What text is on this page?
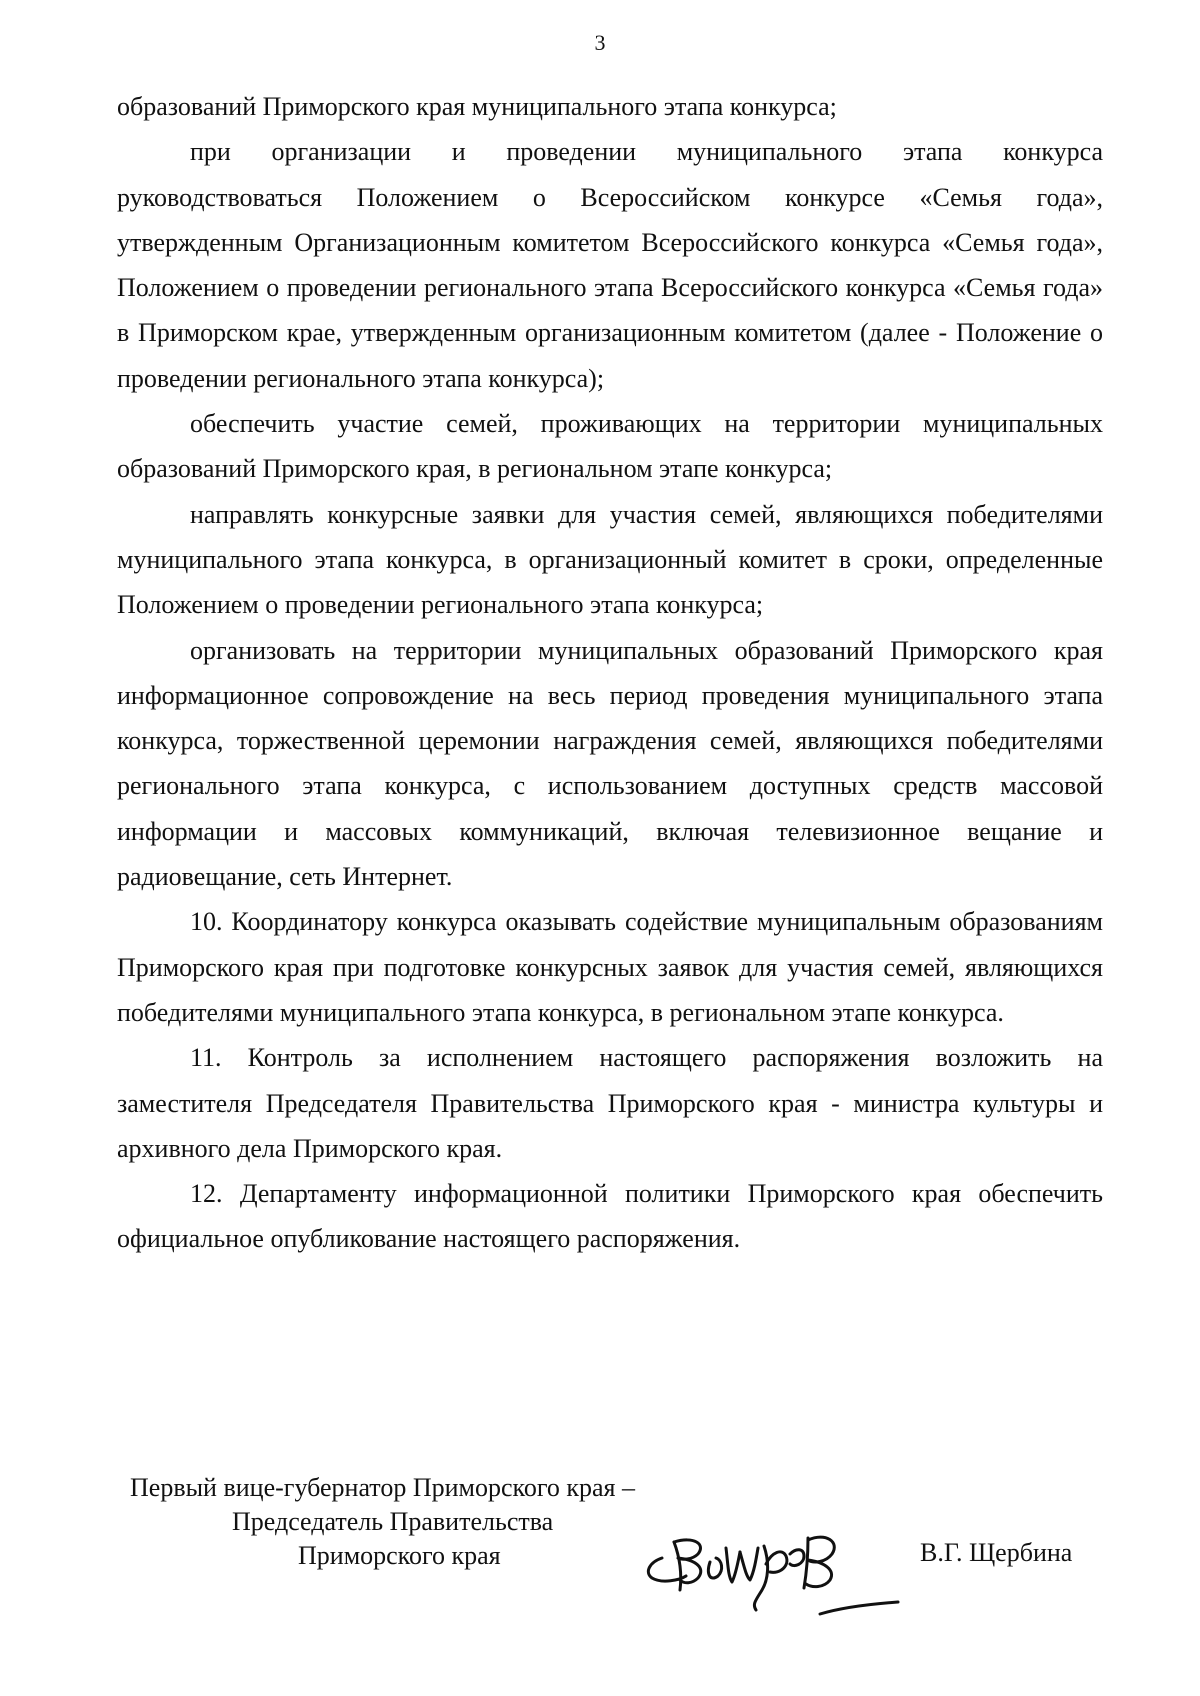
3

образований Приморского края муниципального этапа конкурса;

при организации и проведении муниципального этапа конкурса руководствоваться Положением о Всероссийском конкурсе «Семья года», утвержденным Организационным комитетом Всероссийского конкурса «Семья года», Положением о проведении регионального этапа Всероссийского конкурса «Семья года» в Приморском крае, утвержденным организационным комитетом (далее - Положение о проведении регионального этапа конкурса);

обеспечить участие семей, проживающих на территории муниципальных образований Приморского края, в региональном этапе конкурса;

направлять конкурсные заявки для участия семей, являющихся победителями муниципального этапа конкурса, в организационный комитет в сроки, определенные Положением о проведении регионального этапа конкурса;

организовать на территории муниципальных образований Приморского края информационное сопровождение на весь период проведения муниципального этапа конкурса, торжественной церемонии награждения семей, являющихся победителями регионального этапа конкурса, с использованием доступных средств массовой информации и массовых коммуникаций, включая телевизионное вещание и радиовещание, сеть Интернет.

10. Координатору конкурса оказывать содействие муниципальным образованиям Приморского края при подготовке конкурсных заявок для участия семей, являющихся победителями муниципального этапа конкурса, в региональном этапе конкурса.

11. Контроль за исполнением настоящего распоряжения возложить на заместителя Председателя Правительства Приморского края - министра культуры и архивного дела Приморского края.

12. Департаменту информационной политики Приморского края обеспечить официальное опубликование настоящего распоряжения.

Первый вице-губернатор Приморского края –
Председатель Правительства
Приморского края	В.Г. Щербина
